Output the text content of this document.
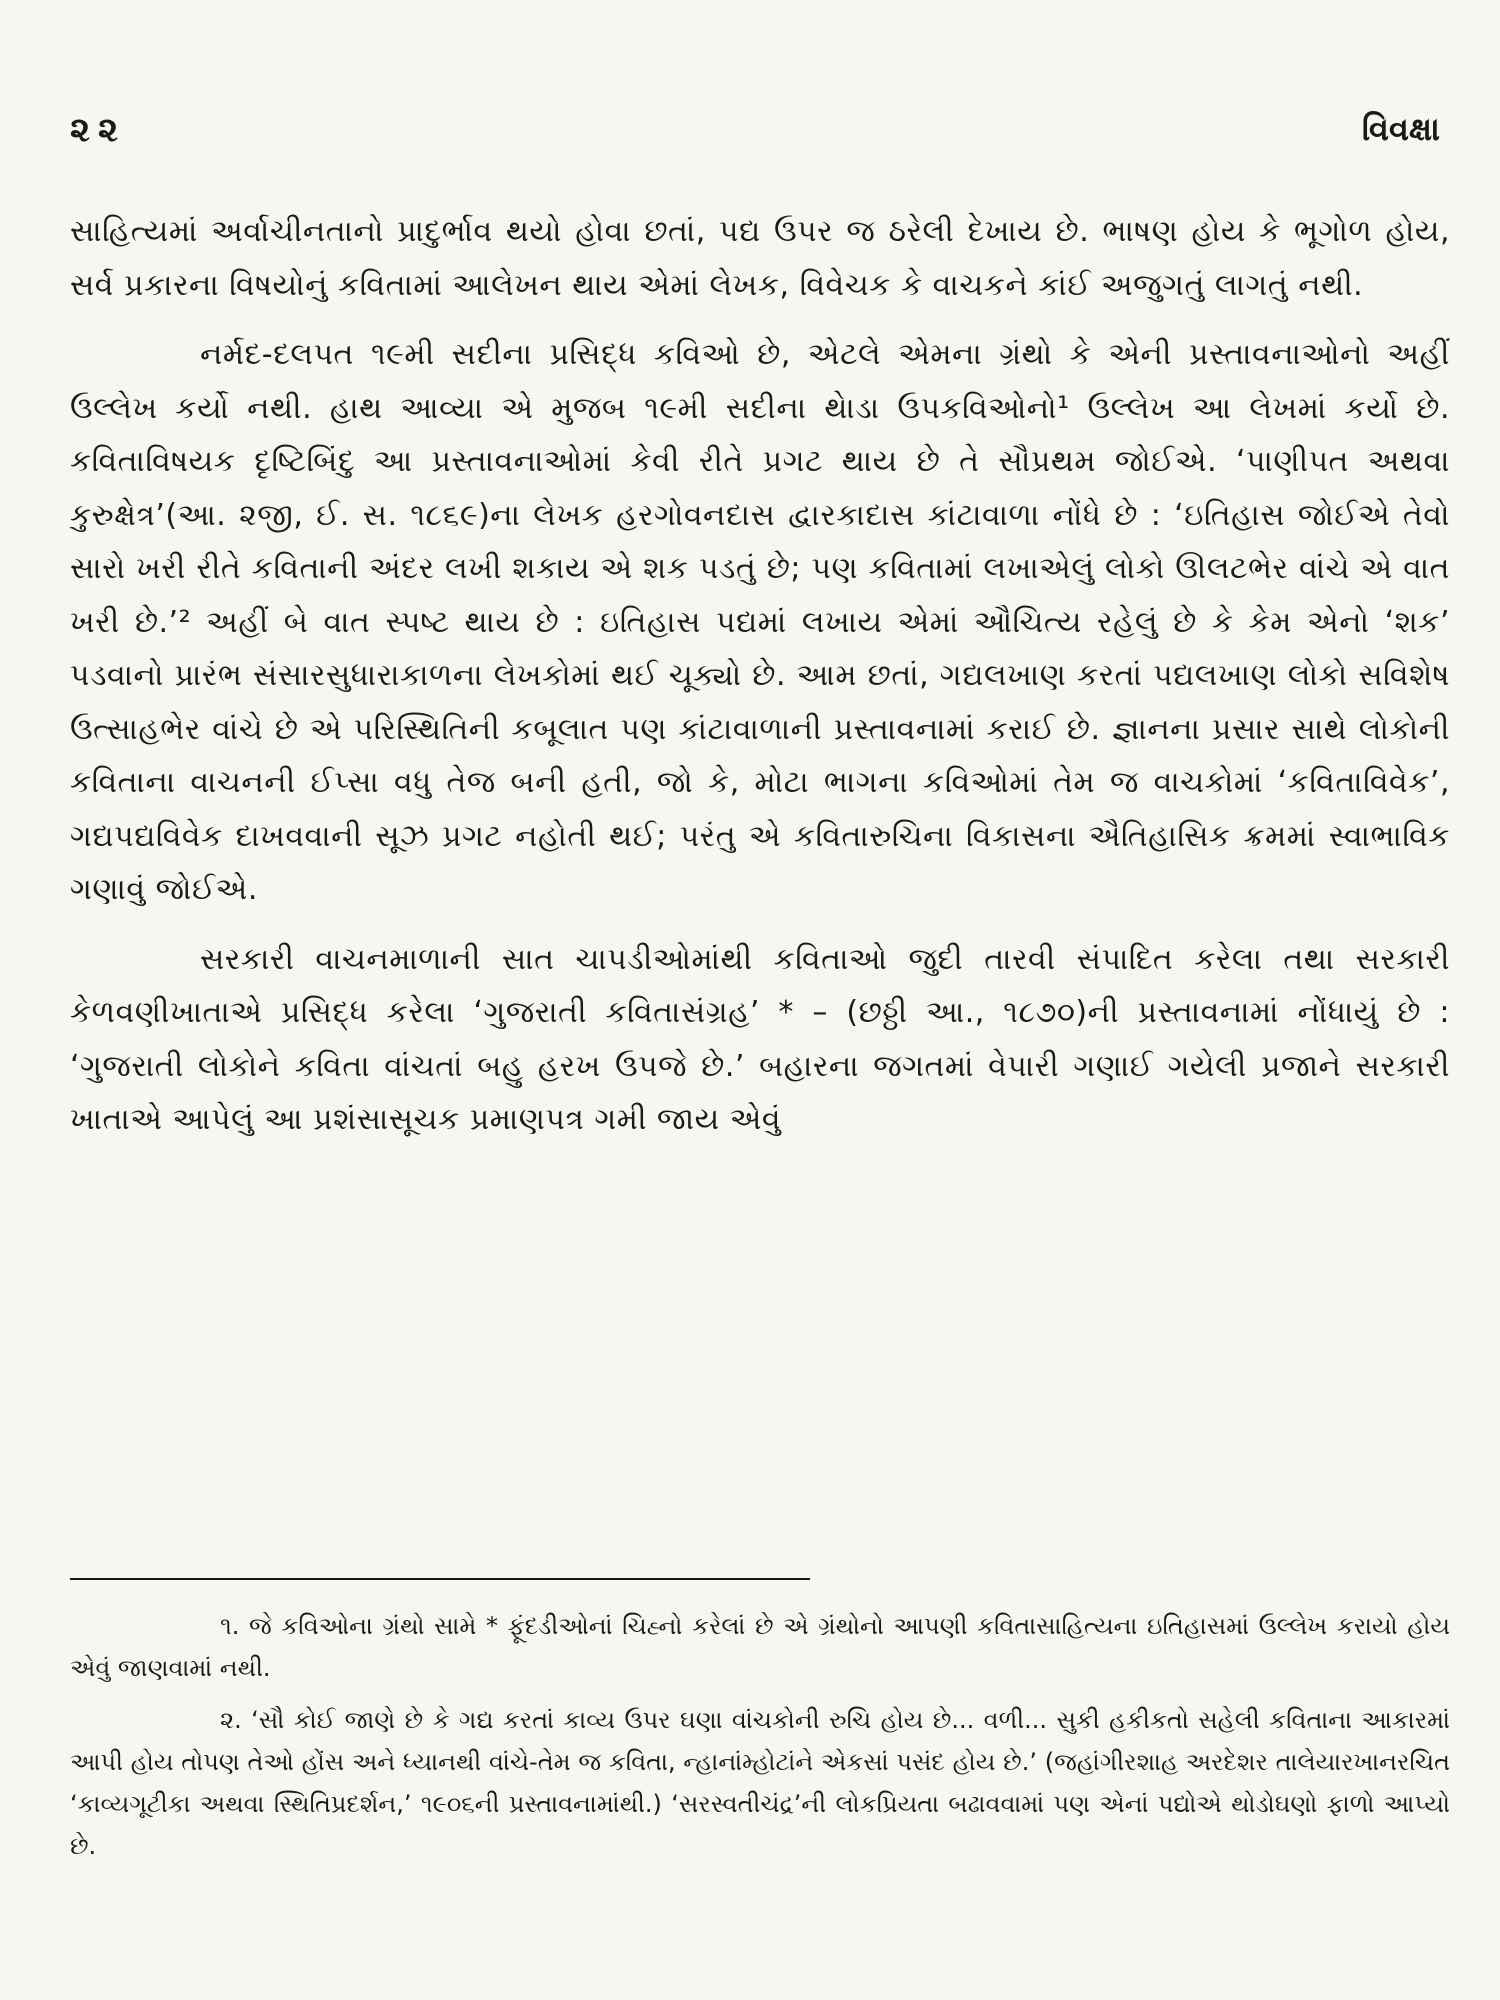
૨૨	વિવક્ષા

સાહિત્યમાં અર્વાચીનતાનો પ્રાદુર્ભાવ થયો હોવા છતાં, પદ્ય ઉપર જ ઠરેલી દેખાય છે. ભાષણ હોય કે ભૂગોળ હોય, સર્વ પ્રકારના વિષયોનું કવિતામાં આલેખન થાય એમાં લેખક, વિવેચક કે વાચકને કાંઈ અજુગતું લાગતું નથી.

નર્મદ-દલપત ૧૯મી સદીના પ્રસિદ્ધ કવિઓ છે, એટલે એમના ગ્રંથો કે એની પ્રસ્તાવનાઓનો અહીં ઉલ્લેખ કર્યો નથી. હાથ આવ્યા એ મુજબ ૧૯મી સદીના થેાડા ઉપકવિઓનો¹ ઉલ્લેખ આ લેખમાં કર્યો છે. કવિતાવિષયક દૃષ્ટિબિંદુ આ પ્રસ્તાવનાઓમાં કેવી રીતે પ્રગટ થાય છે તે સૌપ્રથમ જોઈએ. ‘પાણીપત અથવા કુરુક્ષેત્ર’(આ. ૨જી, ઈ. સ. ૧૮૬૯)ના લેખક હરગોવનદાસ દ્વારકાદાસ કાંટાવાળા નોંધે છે : ‘ઇતિહાસ જોઈએ તેવો સારો ખરી રીતે કવિતાની અંદર લખી શકાય એ શક પડતું છે; પણ કવિતામાં લખાએલું લોકો ઊલટભેર વાંચે એ વાત ખરી છે.’² અહીં બે વાત સ્પષ્ટ થાય છે : ઇતિહાસ પદ્યમાં લખાય એમાં ઔચિત્ય રહેલું છે કે કેમ એનો ‘શક’ પડવાનો પ્રારંભ સંસારસુધારાકાળના લેખકોમાં થઈ ચૂક્યો છે. આમ છતાં, ગદ્યલખાણ કરતાં પદ્યલખાણ લોકો સવિશેષ ઉત્સાહભેર વાંચે છે એ પરિસ્થિતિની કબૂલાત પણ કાંટાવાળાની પ્રસ્તાવનામાં કરાઈ છે. જ્ઞાનના પ્રસાર સાથે લોકોની કવિતાના વાચનની ઈપ્સા વધુ તેજ બની હતી, જો કે, મોટા ભાગના કવિઓમાં તેમ જ વાચકોમાં ‘કવિતાવિવેક’, ગદ્યપદ્યવિવેક દાખવવાની સૂઝ પ્રગટ નહોતી થઈ; પરંતુ એ કવિતારુચિના વિકાસના ઐતિહાસિક ક્રમમાં સ્વાભાવિક ગણાવું જોઈએ.

સરકારી વાચનમાળાની સાત ચાપડીઓમાંથી કવિતાઓ જુદી તારવી સંપાદિત કરેલા તથા સરકારી કેળવણીખાતાએ પ્રસિદ્ધ કરેલા ‘ગુજરાતી કવિતાસંગ્રહ’ * – (છઠ્ઠી આ., ૧૮૭૦)ની પ્રસ્તાવનામાં નોંધાયું છે : ‘ગુજરાતી લોકોને કવિતા વાંચતાં બહુ હરખ ઉપજે છે.’ બહારના જગતમાં વેપારી ગણાઈ ગયેલી પ્રજાને સરકારી ખાતાએ આપેલું આ પ્રશંસાસૂચક પ્રમાણપત્ર ગમી જાય એવું

૧. જે કવિઓના ગ્રંથો સામે * ફૂંદડીઓનાં ચિહ્નો કરેલાં છે એ ગ્રંથોનો આપણી કવિતાસાહિત્યના ઇતિહાસમાં ઉલ્લેખ કરાયો હોય એવું જાણવામાં નથી.

૨. ‘સૌ કોઈ જાણે છે કે ગદ્ય કરતાં કાવ્ય ઉપર ઘણા વાંચકોની રુચિ હોય છે... વળી... સુકી હકીકતો સહેલી કવિતાના આકારમાં આપી હોય તોપણ તેઓ હોંસ અને ધ્યાનથી વાંચે-તેમ જ કવિતા, ન્હાનાંમ્હોટાંને એકસાં પસંદ હોય છે.’ (જહાંગીરશાહ અરદેશર તાલેયારખાનરચિત ‘કાવ્યગૂટીકા અથવા સ્થિતિપ્રદર્શન,’ ૧૯૦૬ની પ્રસ્તાવનામાંથી.) ‘સરસ્વતીચંદ્ર’ની લોકપ્રિયતા બઢાવવામાં પણ એનાં પદ્યોએ થોડોઘણો ફાળો આપ્યો છે.
